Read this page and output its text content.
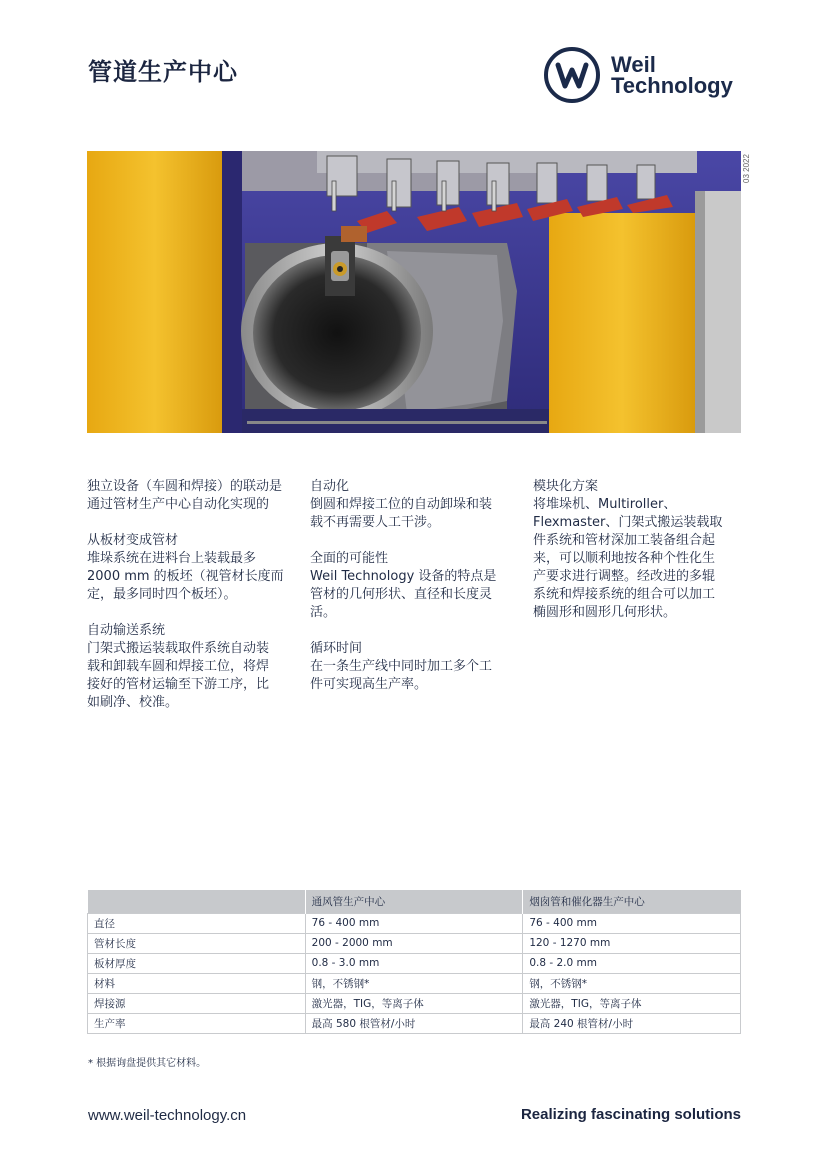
管道生产中心	Weil
Technology
03 2022

独立设备（车圆和焊接）的联动是

通过管材生产中心自动化实现的

从板材变成管材

堆垛系统在进料台上装载最多

2000 mm 的板坯（视管材长度而

定，最多同时四个板坯）。

自动输送系统

门架式搬运装载取件系统自动装

载和卸载车圆和焊接工位，将焊

接好的管材运输至下游工序，比

如刷净、校准。

自动化

倒圆和焊接工位的自动卸垛和装

载不再需要人工干涉。

全面的可能性

Weil Technology 设备的特点是

管材的几何形状、直径和长度灵

活。

循环时间

在一条生产线中同时加工多个工

件可实现高生产率。

模块化方案

将堆垛机、Multiroller、

Flexmaster、门架式搬运装载取

件系统和管材深加工装备组合起

来，可以顺利地按各种个性化生

产要求进行调整。经改进的多辊

系统和焊接系统的组合可以加工

椭圆形和圆形几何形状。

	通风管生产中心	烟囱管和催化器生产中心
直径	76 - 400 mm	76 - 400 mm
管材长度	200 - 2000 mm	120 - 1270 mm
板材厚度	0.8 - 3.0 mm	0.8 - 2.0 mm
材料	钢，不锈钢*	钢，不锈钢*
焊接源	激光器，TIG，等离子体	激光器，TIG，等离子体
生产率	最高 580 根管材/小时	最高 240 根管材/小时
* 根据询盘提供其它材料。
www.weil-technology.cn	Realizing fascinating solutions
